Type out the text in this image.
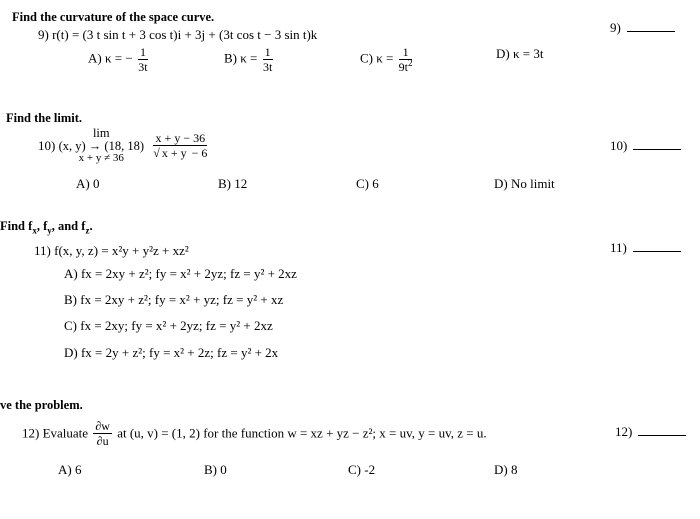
Find the curvature of the space curve.
9) r(t) = (3 t sin t + 3 cos t)i + 3j + (3t cos t − 3 sin t)k	9)
A) κ = − $\frac{1}{3t}$	B) $\kappa = \frac{1}{3t}$	C) $\kappa = \frac{1}{9t^2}$	D) κ = 3t
Find the limit.
10)
lim
(x, y) → (18, 18)
x + y ≠ 36
	$\frac{x + y - 36}{√ x + y - 6}$	10)
A) 0	B) 12	C) 6	D) No limit
Find $f_x$, $f_y$, and $f_z$.
11) f(x, y, z) = x²y + y²z + xz²	11)
A) fx = 2xy + z²; fy = x² + 2yz; fz = y² + 2xz
B) fx = 2xy + z²; fy = x² + yz; fz = y² + xz
C) fx = 2xy; fy = x² + 2yz; fz = y² + 2xz
D) fx = 2y + z²; fy = x² + 2z; fz = y² + 2x
ve the problem.
12) Evaluate $\frac{\partial w}{\partial u}$ at (u, v) = (1, 2) for the function w = xz + yz − z²; x = uv, y = uv, z = u.	12)
A) 6	B) 0	C) -2	D) 8
